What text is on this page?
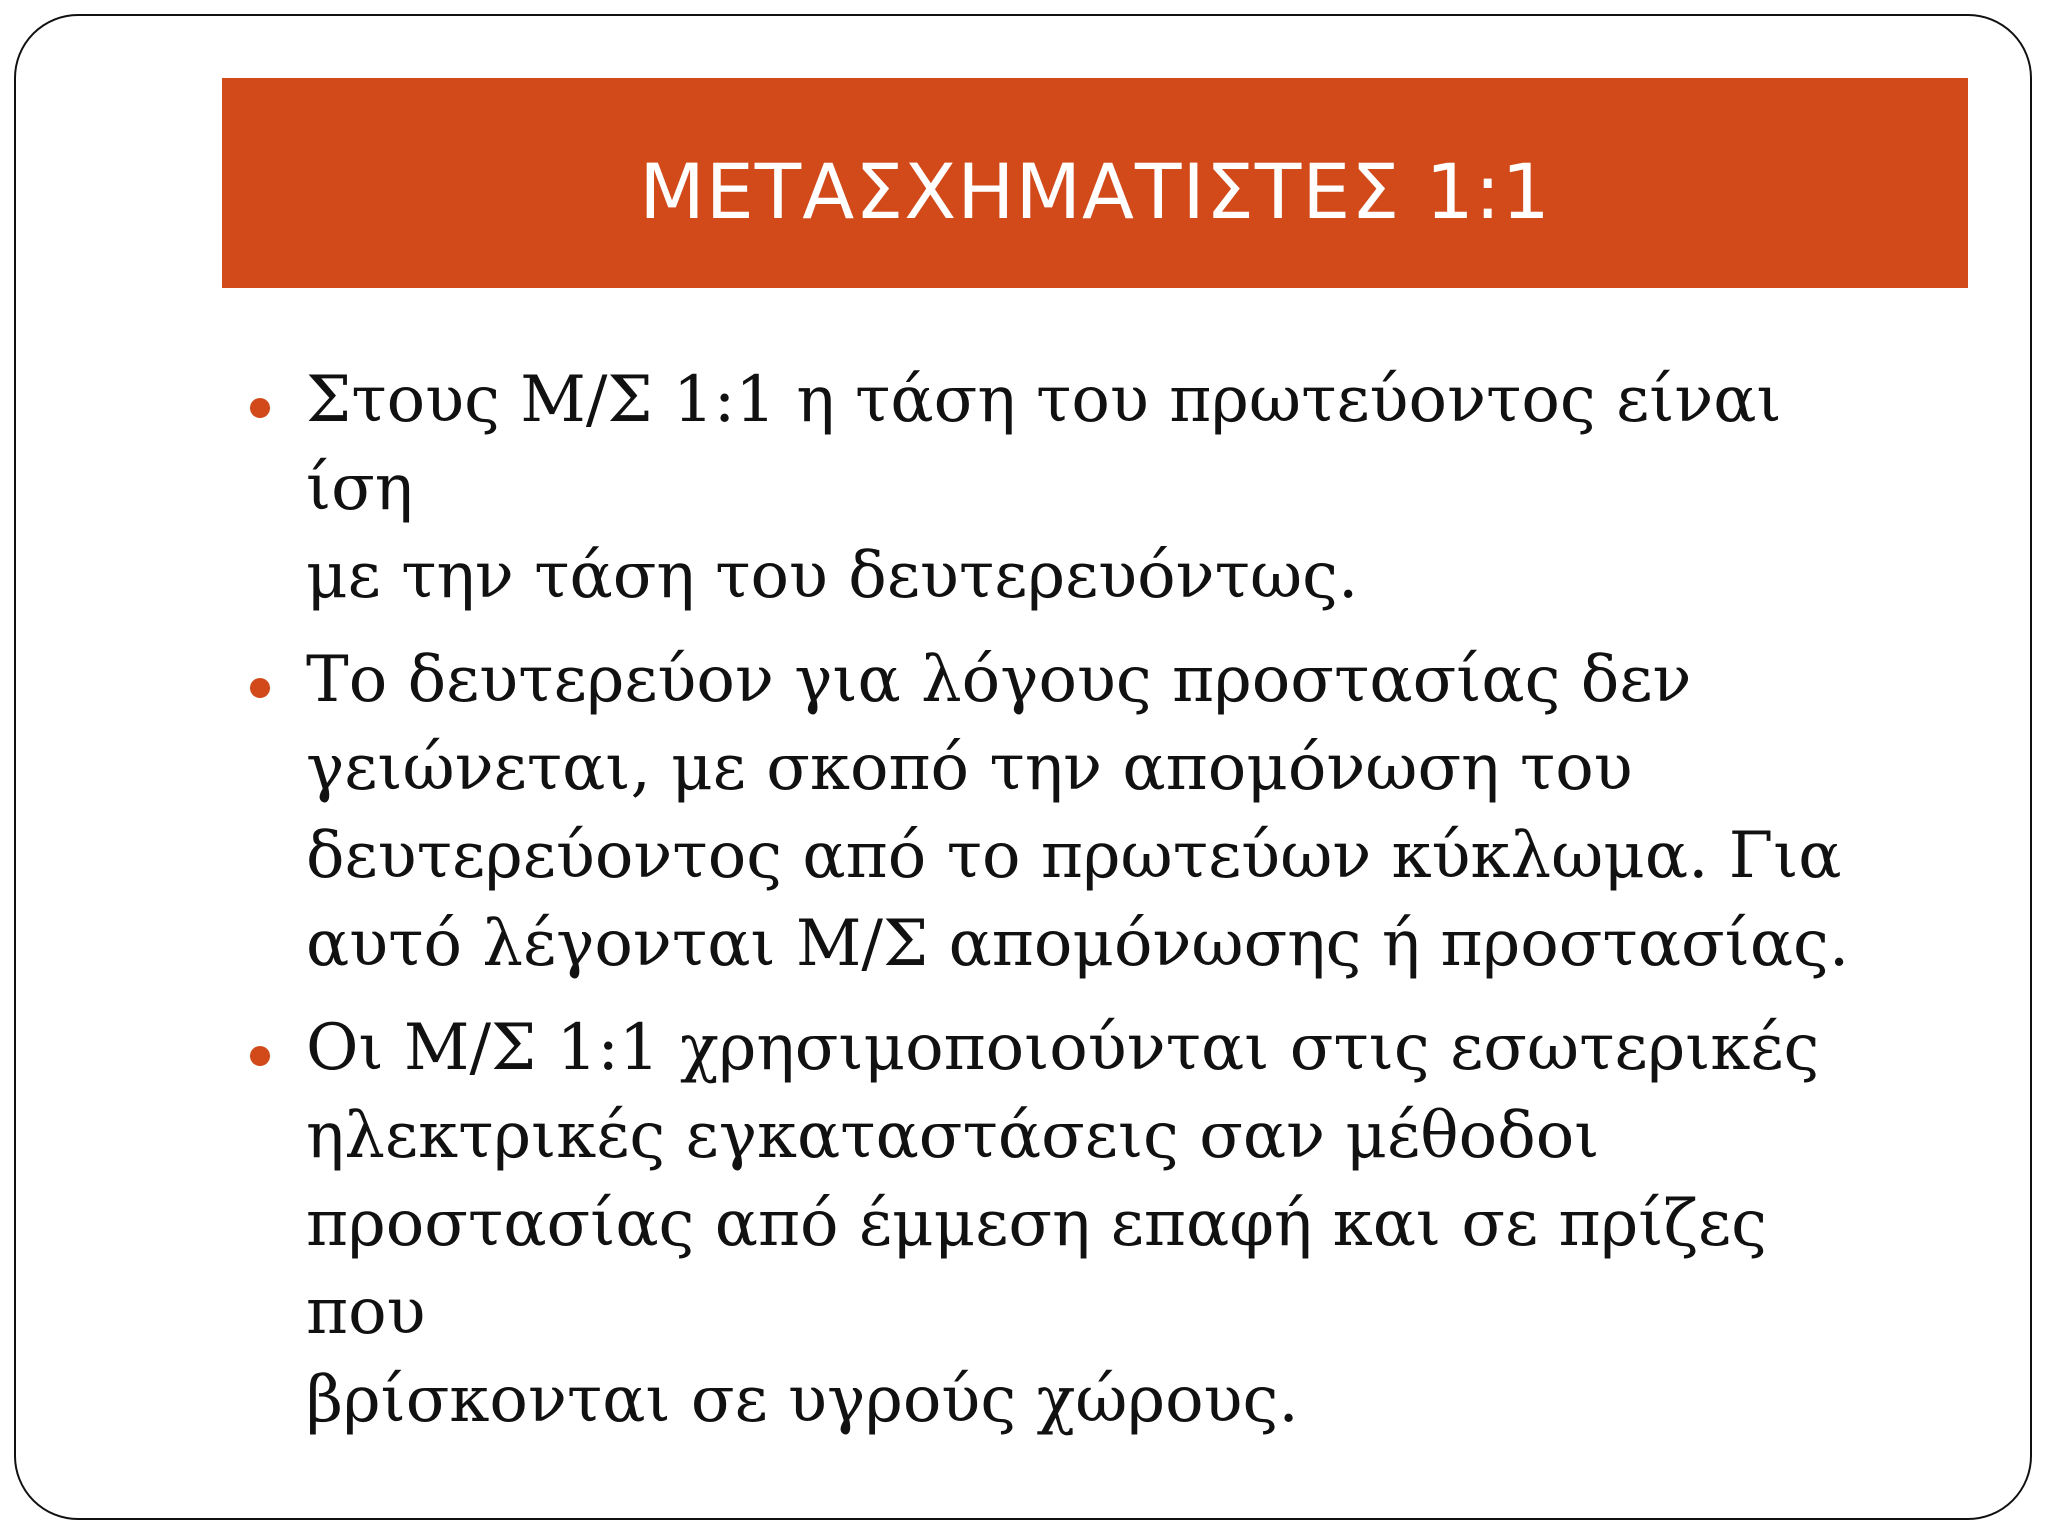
ΜΕΤΑΣΧΗΜΑΤΙΣΤΕΣ 1:1
Στους Μ/Σ 1:1 η τάση του πρωτεύοντος είναι ίση
με την τάση του δευτερευόντως.
Το δευτερεύον για λόγους προστασίας δεν
γειώνεται, με σκοπό την απομόνωση του
δευτερεύοντος από το πρωτεύων κύκλωμα. Για
αυτό λέγονται Μ/Σ απομόνωσης ή προστασίας.
Οι Μ/Σ 1:1 χρησιμοποιούνται στις εσωτερικές
ηλεκτρικές εγκαταστάσεις σαν μέθοδοι
προστασίας από έμμεση επαφή και σε πρίζες που
βρίσκονται σε υγρούς χώρους.
